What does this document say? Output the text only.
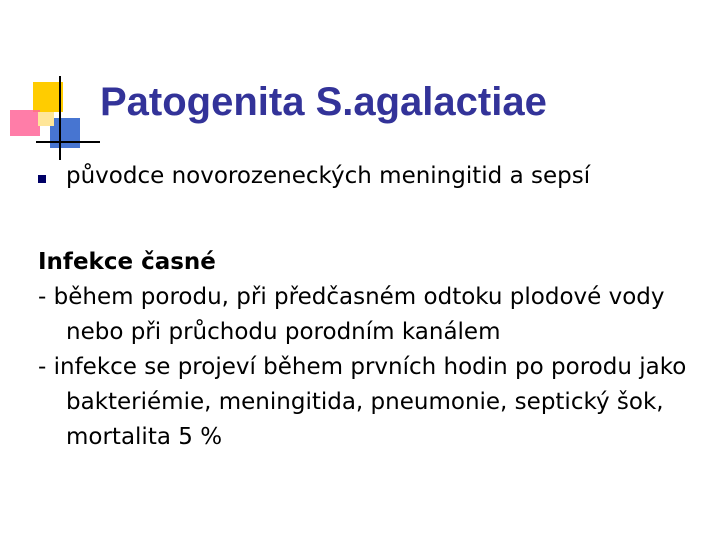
Patogenita S.agalactiae
původce novorozeneckých meningitid a sepsí

Infekce časné

- během porodu, při předčasném odtoku plodové vody nebo při průchodu porodním kanálem

- infekce se projeví během prvních hodin po porodu jako bakteriémie, meningitida, pneumonie, septický šok, mortalita 5 %
